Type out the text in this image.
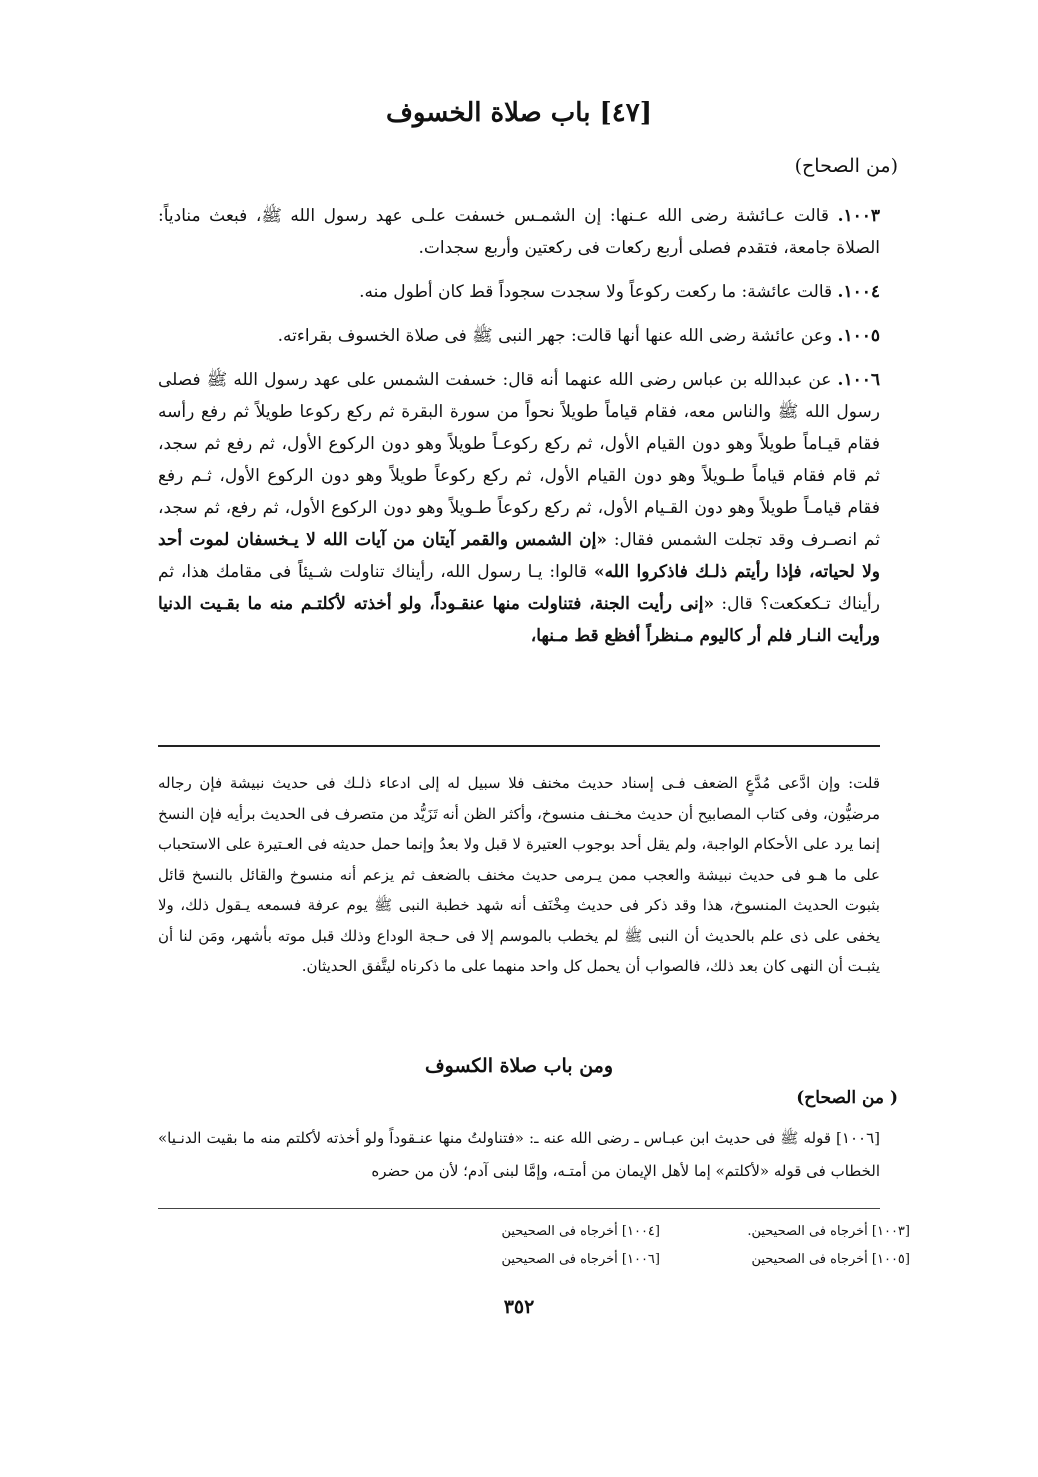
[٤٧] باب صلاة الخسوف

(من الصحاح)

١٠٠٣. قالت عـائشة رضى الله عـنها: إن الشمـس خسفت علـى عهد رسول الله ﷺ، فبعث منادياً: الصلاة جامعة، فتقدم فصلى أربع ركعات فى ركعتين وأربع سجدات.

١٠٠٤. قالت عائشة: ما ركعت ركوعاً ولا سجدت سجوداً قط كان أطول منه.

١٠٠٥. وعن عائشة رضى الله عنها أنها قالت: جهر النبى ﷺ فى صلاة الخسوف بقراءته.

١٠٠٦. عن عبدالله بن عباس رضى الله عنهما أنه قال: خسفت الشمس على عهد رسول الله ﷺ فصلى رسول الله ﷺ والناس معه، فقام قياماً طويلاً نحواً من سورة البقرة ثم ركع ركوعا طويلاً ثم رفع رأسه فقام قيـاماً طويلاً وهو دون القيام الأول، ثم ركع ركوعـاً طويلاً وهو دون الركوع الأول، ثم رفع ثم سجد، ثم قام فقام قياماً طـويلاً وهو دون القيام الأول، ثم ركع ركوعاً طويلاً وهو دون الركوع الأول، ثـم رفع فقام قيامـاً طويلاً وهو دون القـيام الأول، ثم ركع ركوعاً طـويلاً وهو دون الركوع الأول، ثم رفع، ثم سجد، ثم انصـرف وقد تجلت الشمس فقال: «إن الشمس والقمر آيتان من آيات الله لا يـخسفان لموت أحد ولا لحياته، فإذا رأيتم ذلـك فاذكروا الله» قالوا: يـا رسول الله، رأيناك تناولت شـيئاً فى مقامك هذا، ثم رأيناك تـكعكعت؟ قال: «إنى رأيت الجنة، فتناولت منها عنقـوداً، ولو أخذته لأكلتـم منه ما بقـيت الدنيا ورأيت النـار فلم أر كاليوم مـنظراً أفظع قط مـنها،

قلت: وإن ادَّعى مُدَّعٍ الضعف فـى إسناد حديث مخنف فلا سبيل له إلى ادعاء ذلـك فى حديث نبيشة فإن رجاله مرضيُّون، وفى كتاب المصابيح أن حديث مخـنف منسوخ، وأكثر الظن أنه تَزَيُّد من متصرف فى الحديث برأيه فإن النسخ إنما يرد على الأحكام الواجبة، ولم يقل أحد بوجوب العتيرة لا قبل ولا بعدُ وإنما حمل حديثه فى العـتيرة على الاستحباب على ما هـو فى حديث نبيشة والعجب ممن يـرمى حديث مخنف بالضعف ثم يزعم أنه منسوخ والقائل بالنسخ قائل بثبوت الحديث المنسوخ، هذا وقد ذكر فى حديث مِخْنَف أنه شهد خطبة النبى ﷺ يوم عرفة فسمعه يـقول ذلك، ولا يخفى على ذى علم بالحديث أن النبى ﷺ لم يخطب بالموسم إلا فى حـجة الوداع وذلك قبل موته بأشهر، ومَن لنا أن يثبـت أن النهى كان بعد ذلك، فالصواب أن يحمل كل واحد منهما على ما ذكرناه ليتَّفق الحديثان.

ومن باب صلاة الكسوف

( من الصحاح)

[١٠٠٦] قوله ﷺ فى حديث ابن عبـاس ـ رضى الله عنه ـ: «فتناولتُ منها عنـقوداً ولو أخذته لأكلتم منه ما بقيت الدنـيا» الخطاب فى قوله «لأكلتم» إما لأهل الإيمان من أمتـه، وإمَّا لبنى آدم؛ لأن من حضره

[١٠٠٣] أخرجاه فى الصحيحين.
[١٠٠٤] أخرجاه فى الصحيحين
[١٠٠٥] أخرجاه فى الصحيحين
[١٠٠٦] أخرجاه فى الصحيحين

٣٥٢
